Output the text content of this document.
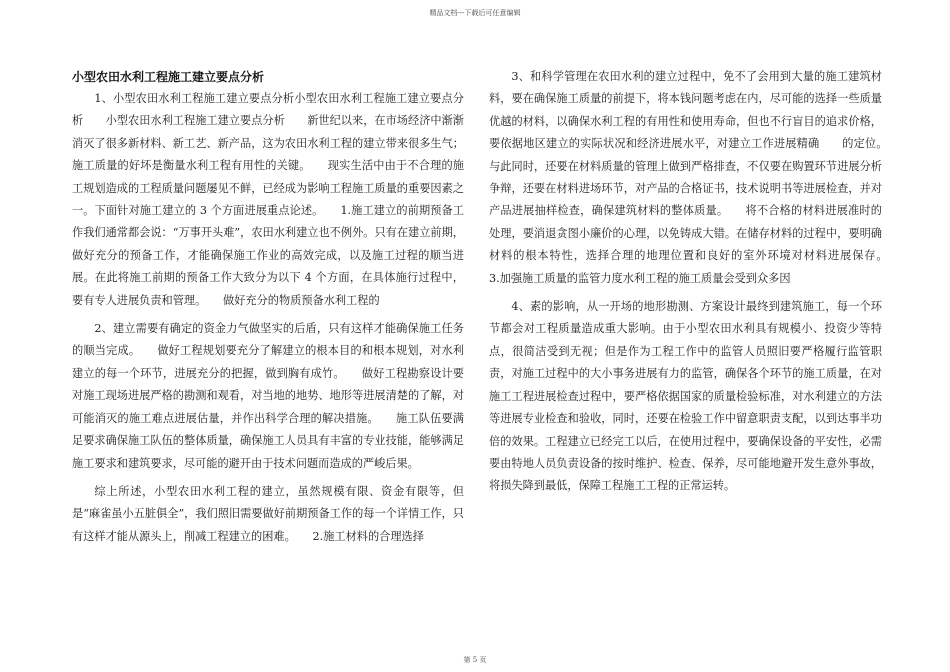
精品文档---下载后可任意编辑
小型农田水利工程施工建立要点分析

1、小型农田水利工程施工建立要点分析小型农田水利工程施工建立要点分析　　小型农田水利工程施工建立要点分析　　新世纪以来，在市场经济中渐渐消灭了很多新材料、新工艺、新产品，这为农田水利工程的建立带来很多生气；施工质量的好坏是衡量水利工程有用性的关键。　　现实生活中由于不合理的施工规划造成的工程质量问题屡见不鲜，已经成为影响工程施工质量的重要因素之一。下面针对施工建立的 3 个方面进展重点论述。　　1.施工建立的前期预备工作我们通常都会说：“万事开头难”，农田水利建立也不例外。只有在建立前期，做好充分的预备工作，才能确保施工作业的高效完成，以及施工过程的顺当进展。在此将施工前期的预备工作大致分为以下 4 个方面，在具体施行过程中，要有专人进展负责和管理。　　做好充分的物质预备水利工程的

2、建立需要有确定的资金力气做坚实的后盾，只有这样才能确保施工任务的顺当完成。　　做好工程规划要充分了解建立的根本目的和根本规划，对水利建立的每一个环节，进展充分的把握，做到胸有成竹。　　做好工程勘察设计要对施工现场进展严格的勘测和观看，对当地的地势、地形等进展清楚的了解，对可能消灭的施工难点进展估量，并作出科学合理的解决措施。　　施工队伍要满足要求确保施工队伍的整体质量，确保施工人员具有丰富的专业技能，能够满足施工要求和建筑要求，尽可能的避开由于技术问题而造成的严峻后果。

综上所述，小型农田水利工程的建立，虽然规模有限、资金有限等，但是“麻雀虽小五脏俱全”，我们照旧需要做好前期预备工作的每一个详情工作，只有这样才能从源头上，削减工程建立的困难。　　2.施工材料的合理选择

3、和科学管理在农田水利的建立过程中，免不了会用到大量的施工建筑材料，要在确保施工质量的前提下，将本钱问题考虑在内，尽可能的选择一些质量优越的材料，以确保水利工程的有用性和使用寿命，但也不行盲目的追求价格，要依据地区建立的实际状况和经济进展水平，对建立工作进展精确　　的定位。　　与此同时，还要在材料质量的管理上做到严格排查，不仅要在购置环节进展分析争辩，还要在材料进场环节，对产品的合格证书，技术说明书等进展检查，并对产品进展抽样检查，确保建筑材料的整体质量。　　将不合格的材料进展准时的处理，要消退贪图小廉价的心理，以免铸成大错。在储存材料的过程中，要明确材料的根本特性，选择合理的地理位置和良好的室外环境对材料进展保存。　　3.加强施工质量的监管力度水利工程的施工质量会受到众多因

4、素的影响，从一开场的地形勘测、方案设计最终到建筑施工，每一个环节都会对工程质量造成重大影响。由于小型农田水利具有规模小、投资少等特点，很简洁受到无视；但是作为工程工作中的监管人员照旧要严格履行监管职责，对施工过程中的大小事务进展有力的监管，确保各个环节的施工质量，在对施工工程进展检查过程中，要严格依据国家的质量检验标准，对水利建立的方法等进展专业检查和验收，同时，还要在检验工作中留意职责支配，以到达事半功倍的效果。工程建立已经完工以后，在使用过程中，要确保设备的平安性，必需要由特地人员负责设备的按时维护、检查、保养，尽可能地避开发生意外事故，将损失降到最低，保障工程施工工程的正常运转。

第 5 页
